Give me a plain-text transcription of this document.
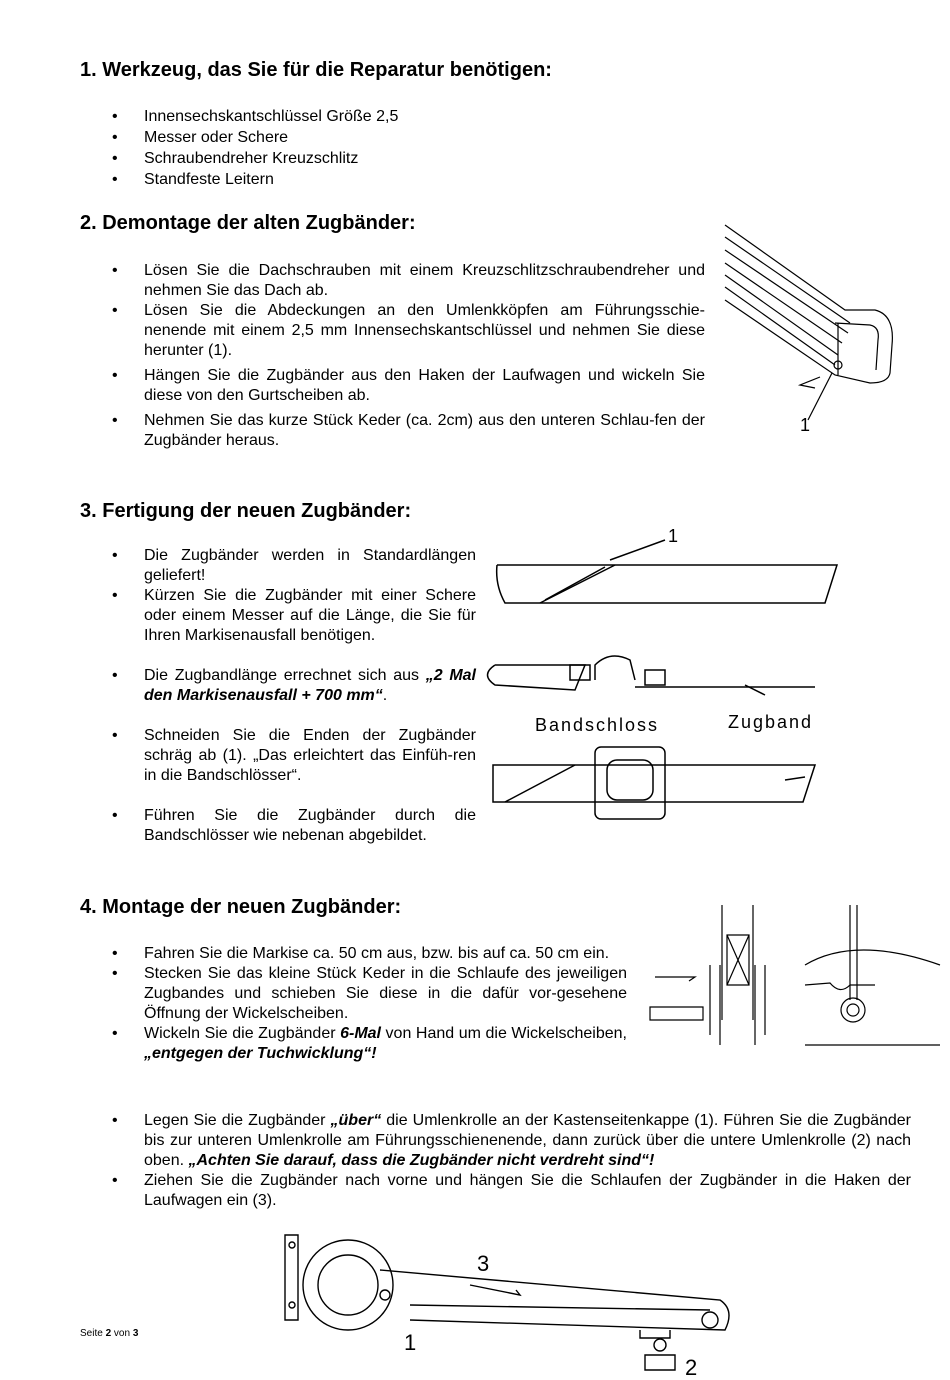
1. Werkzeug, das Sie für die Reparatur benötigen:
• Innensechskantschlüssel Größe 2,5
• Messer oder Schere
• Schraubendreher Kreuzschlitz
• Standfeste Leitern
2. Demontage der alten Zugbänder:
• Lösen Sie die Dachschrauben mit einem Kreuzschlitzschraubendreher und nehmen Sie das Dach ab.
• Lösen Sie die Abdeckungen an den Umlenkköpfen am Führungsschie-nenende mit einem 2,5 mm Innensechskantschlüssel und nehmen Sie diese herunter (1).
• Hängen Sie die Zugbänder aus den Haken der Laufwagen und wickeln Sie diese von den Gurtscheiben ab.
• Nehmen Sie das kurze Stück Keder (ca. 2cm) aus den unteren Schlau-fen der Zugbänder heraus.
1
3. Fertigung der neuen Zugbänder:
• Die Zugbänder werden in Standardlängen geliefert!
• Kürzen Sie die Zugbänder mit einer Schere oder einem Messer auf die Länge, die Sie für Ihren Markisenausfall benötigen.
• Die Zugbandlänge errechnet sich aus „2 Mal den Markisenausfall + 700 mm“.
• Schneiden Sie die Enden der Zugbänder schräg ab (1). „Das erleichtert das Einfüh-ren in die Bandschlösser“.
• Führen Sie die Zugbänder durch die Bandschlösser wie nebenan abgebildet.
1
Bandschloss	Zugband
4. Montage der neuen Zugbänder:
• Fahren Sie die Markise ca. 50 cm aus, bzw. bis auf ca. 50 cm ein.
• Stecken Sie das kleine Stück Keder in die Schlaufe des jeweiligen Zugbandes und schieben Sie diese in die dafür vor-gesehene Öffnung der Wickelscheiben.
• Wickeln Sie die Zugbänder 6-Mal von Hand um die Wickelscheiben, „entgegen der Tuchwicklung“!
• Legen Sie die Zugbänder „über“ die Umlenkrolle an der Kastenseitenkappe (1). Führen Sie die Zugbänder bis zur unteren Umlenkrolle am Führungsschienenende, dann zurück über die untere Umlenkrolle (2) nach oben. „Achten Sie darauf, dass die Zugbänder nicht verdreht sind“!
• Ziehen Sie die Zugbänder nach vorne und hängen Sie die Schlaufen der Zugbänder in die Haken der Laufwagen ein (3).
3
1
2
Seite 2 von 3
